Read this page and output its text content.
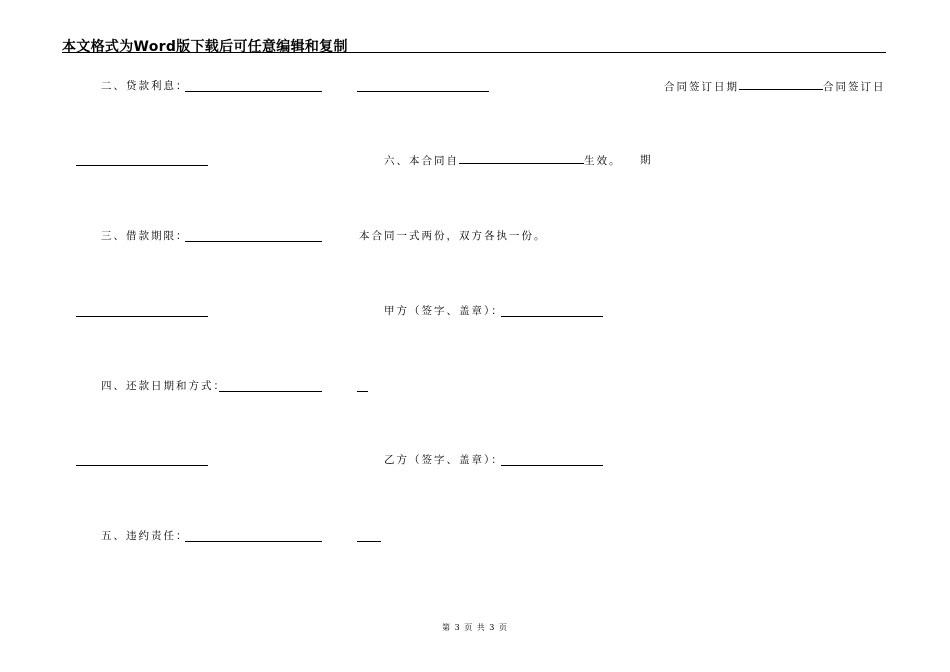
本文格式为Word版下载后可任意编辑和复制
二、贷款利息：	合同签订日期	合同签订日
六、本合同自	生效。 期
三、借款期限：	本合同一式两份，双方各执一份。
甲方（签字、盖章）：
四、还款日期和方式：
乙方（签字、盖章）：
五、违约责任：
第 3 页 共 3 页
